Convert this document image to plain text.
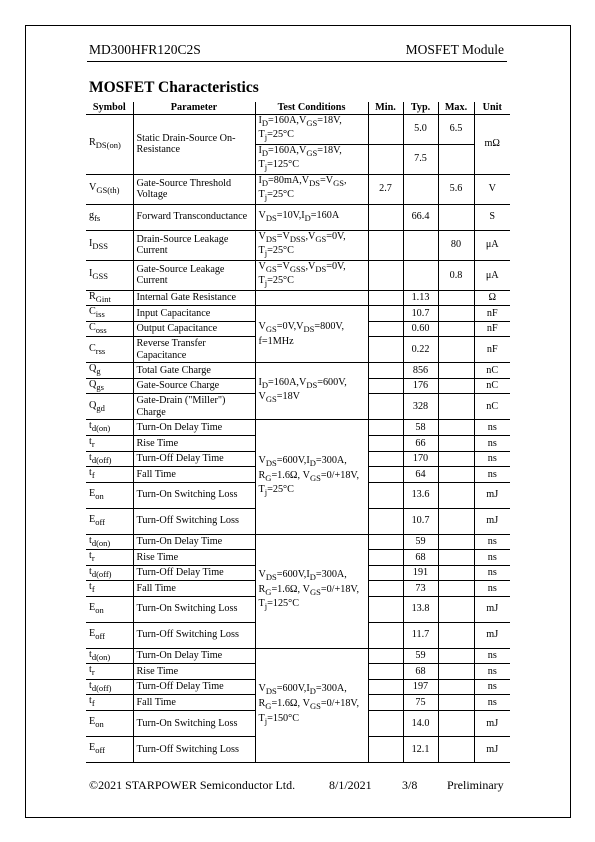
MD300HFR120C2S	MOSFET Module
MOSFET Characteristics
Symbol	Parameter	Test Conditions	Min.	Typ.	Max.	Unit
$R_{DS(on)}$	Static Drain-Source On-Resistance	$I_D=160A,V_{GS}=18V$, $T_j=25^\circ C$		5.0	6.5	mΩ
		$I_D=160A,V_{GS}=18V$, $T_j=125^\circ C$		7.5		
$V_{GS(th)}$	Gate-Source Threshold Voltage	$I_D=80mA,V_{DS}=V_{GS}$, $T_j=25^\circ C$	2.7		5.6	V
$g_{fs}$	Forward Transconductance	$V_{DS}=10V,I_D=160A$		66.4		S
$I_{DSS}$	Drain-Source Leakage Current	$V_{DS}=V_{DSS},V_{GS}=0V$, $T_j=25^\circ C$			80	μA
$I_{GSS}$	Gate-Source Leakage Current	$V_{GS}=V_{GSS},V_{DS}=0V$, $T_j=25^\circ C$			0.8	μA
$R_{Gint}$	Internal Gate Resistance			1.13		Ω
$C_{iss}$	Input Capacitance	$V_{GS}=0V,V_{DS}=800V$, f=1MHz		10.7		nF
$C_{oss}$	Output Capacitance			0.60		nF
$C_{rss}$	Reverse Transfer Capacitance			0.22		nF
$Q_g$	Total Gate Charge	$I_D=160A,V_{DS}=600V$, $V_{GS}=18V$		856		nC
$Q_{gs}$	Gate-Source Charge			176		nC
$Q_{gd}$	Gate-Drain ("Miller") Charge			328		nC
$t_{d(on)}$	Turn-On Delay Time	$V_{DS}=600V,I_D=300A$, $R_G=1.6\Omega$, $V_{GS}=0/+18V$, $T_j=25^\circ C$		58		ns
$t_r$	Rise Time			66		ns
$t_{d(off)}$	Turn-Off Delay Time			170		ns
$t_f$	Fall Time			64		ns
$E_{on}$	Turn-On Switching Loss			13.6		mJ
$E_{off}$	Turn-Off Switching Loss			10.7		mJ
$t_{d(on)}$	Turn-On Delay Time	$V_{DS}=600V,I_D=300A$, $R_G=1.6\Omega$, $V_{GS}=0/+18V$, $T_j=125^\circ C$		59		ns
$t_r$	Rise Time			68		ns
$t_{d(off)}$	Turn-Off Delay Time			191		ns
$t_f$	Fall Time			73		ns
$E_{on}$	Turn-On Switching Loss			13.8		mJ
$E_{off}$	Turn-Off Switching Loss			11.7		mJ
$t_{d(on)}$	Turn-On Delay Time	$V_{DS}=600V,I_D=300A$, $R_G=1.6\Omega$, $V_{GS}=0/+18V$, $T_j=150^\circ C$		59		ns
$t_r$	Rise Time			68		ns
$t_{d(off)}$	Turn-Off Delay Time			197		ns
$t_f$	Fall Time			75		ns
$E_{on}$	Turn-On Switching Loss			14.0		mJ
$E_{off}$	Turn-Off Switching Loss			12.1		mJ
©2021 STARPOWER Semiconductor Ltd.	8/1/2021	3/8 Preliminary
